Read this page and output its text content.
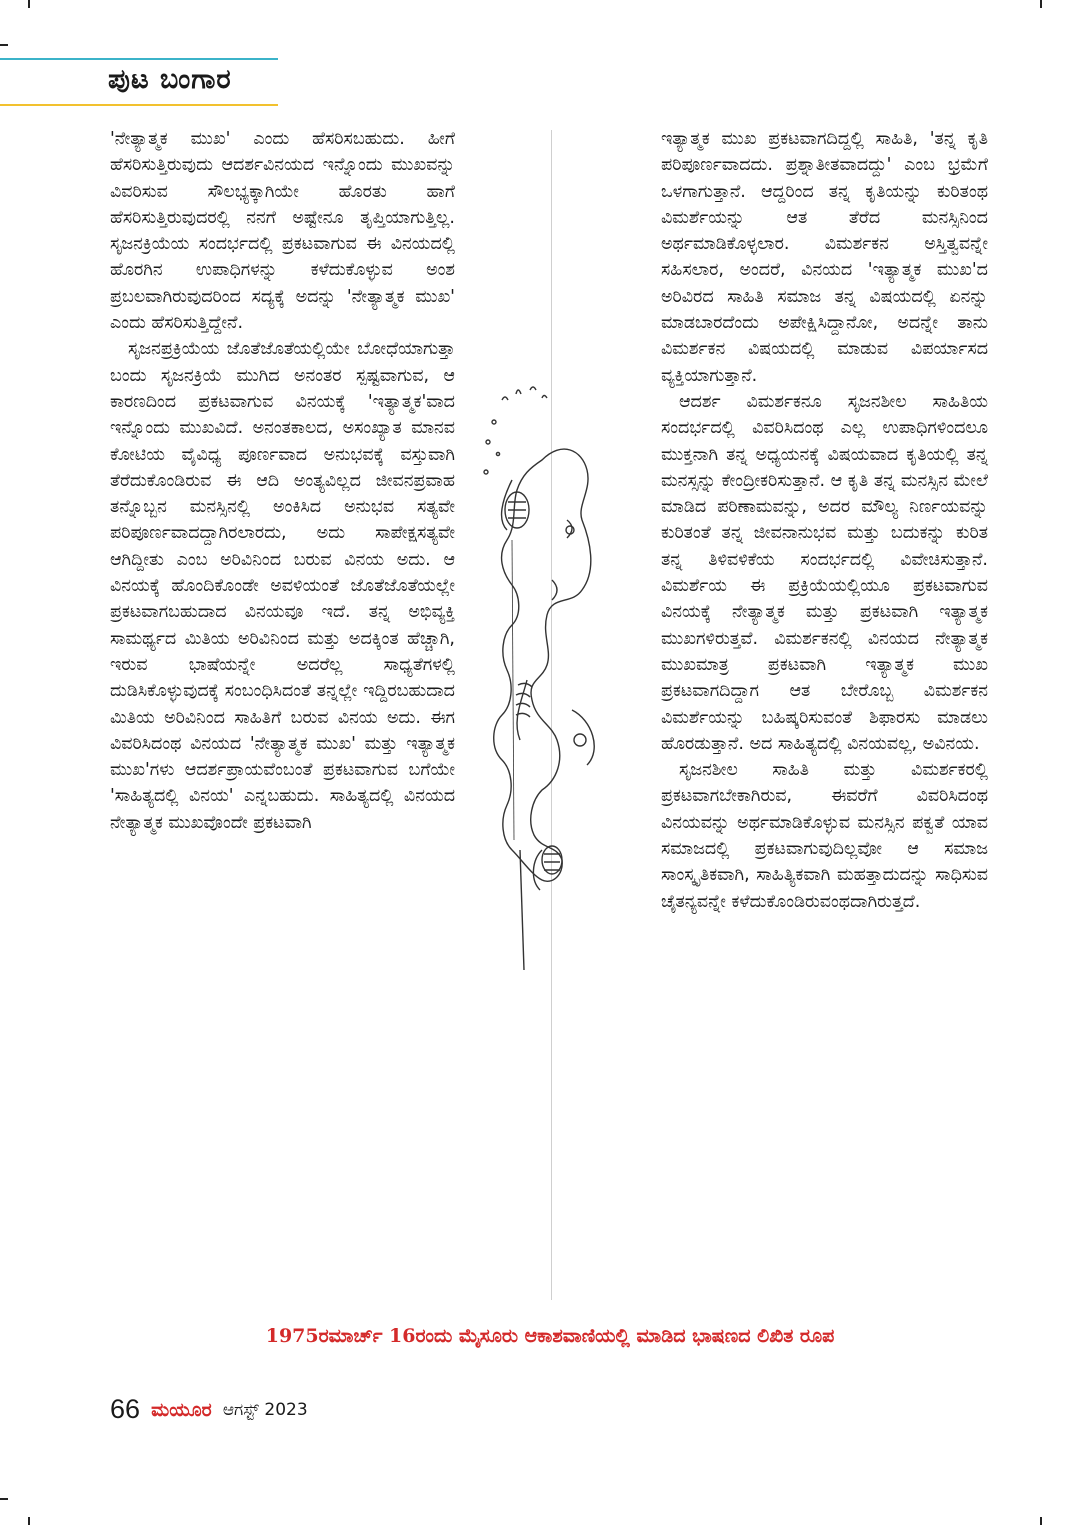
ಪುಟ ಬಂಗಾರ

'ನೇತ್ಯಾತ್ಮಕ ಮುಖ' ಎಂದು ಹೆಸರಿಸಬಹುದು. ಹೀಗೆ ಹೆಸರಿಸುತ್ತಿರುವುದು ಆದರ್ಶವಿನಯದ ಇನ್ನೊಂದು ಮುಖವನ್ನು ವಿವರಿಸುವ ಸೌಲಭ್ಯಕ್ಕಾಗಿಯೇ ಹೊರತು ಹಾಗೆ ಹೆಸರಿಸುತ್ತಿರುವುದರಲ್ಲಿ ನನಗೆ ಅಷ್ಟೇನೂ ತೃಪ್ತಿಯಾಗುತ್ತಿಲ್ಲ. ಸೃಜನಕ್ರಿಯೆಯ ಸಂದರ್ಭದಲ್ಲಿ ಪ್ರಕಟವಾಗುವ ಈ ವಿನಯದಲ್ಲಿ ಹೊರಗಿನ ಉಪಾಧಿಗಳನ್ನು ಕಳೆದುಕೊಳ್ಳುವ ಅಂಶ ಪ್ರಬಲವಾಗಿರುವುದರಿಂದ ಸದ್ಯಕ್ಕೆ ಅದನ್ನು 'ನೇತ್ಯಾತ್ಮಕ ಮುಖ' ಎಂದು ಹೆಸರಿಸುತ್ತಿದ್ದೇನೆ.

ಸೃಜನಪ್ರಕ್ರಿಯೆಯ ಜೊತೆಜೊತೆಯಲ್ಲಿಯೇ ಬೋಧೆಯಾಗುತ್ತಾ ಬಂದು ಸೃಜನಕ್ರಿಯೆ ಮುಗಿದ ಅನಂತರ ಸ್ಪಷ್ಟವಾಗುವ, ಆ ಕಾರಣದಿಂದ ಪ್ರಕಟವಾಗುವ ವಿನಯಕ್ಕೆ 'ಇತ್ಯಾತ್ಮಕ'ವಾದ ಇನ್ನೊಂದು ಮುಖವಿದೆ. ಅನಂತಕಾಲದ, ಅಸಂಖ್ಯಾತ ಮಾನವ ಕೋಟಿಯ ವೈವಿಧ್ಯ ಪೂರ್ಣವಾದ ಅನುಭವಕ್ಕೆ ವಸ್ತುವಾಗಿ ತೆರೆದುಕೊಂಡಿರುವ ಈ ಆದಿ ಅಂತ್ಯವಿಲ್ಲದ ಜೀವನಪ್ರವಾಹ ತನ್ನೊಬ್ಬನ ಮನಸ್ಸಿನಲ್ಲಿ ಅಂಕಿಸಿದ ಅನುಭವ ಸತ್ಯವೇ ಪರಿಪೂರ್ಣವಾದದ್ದಾಗಿರಲಾರದು, ಅದು ಸಾಪೇಕ್ಷಸತ್ಯವೇ ಆಗಿದ್ದೀತು ಎಂಬ ಅರಿವಿನಿಂದ ಬರುವ ವಿನಯ ಅದು. ಆ ವಿನಯಕ್ಕೆ ಹೊಂದಿಕೊಂಡೇ ಅವಳಿಯಂತೆ ಜೊತೆಜೊತೆಯಲ್ಲೇ ಪ್ರಕಟವಾಗಬಹುದಾದ ವಿನಯವೂ ಇದೆ. ತನ್ನ ಅಭಿವ್ಯಕ್ತಿ ಸಾಮರ್ಥ್ಯದ ಮಿತಿಯ ಅರಿವಿನಿಂದ ಮತ್ತು ಅದಕ್ಕಿಂತ ಹೆಚ್ಚಾಗಿ, ಇರುವ ಭಾಷೆಯನ್ನೇ ಅದರೆಲ್ಲ ಸಾಧ್ಯತೆಗಳಲ್ಲಿ ದುಡಿಸಿಕೊಳ್ಳುವುದಕ್ಕೆ ಸಂಬಂಧಿಸಿದಂತೆ ತನ್ನಲ್ಲೇ ಇದ್ದಿರಬಹುದಾದ ಮಿತಿಯ ಅರಿವಿನಿಂದ ಸಾಹಿತಿಗೆ ಬರುವ ವಿನಯ ಅದು. ಈಗ ವಿವರಿಸಿದಂಥ ವಿನಯದ 'ನೇತ್ಯಾತ್ಮಕ ಮುಖ' ಮತ್ತು ಇತ್ಯಾತ್ಮಕ ಮುಖ'ಗಳು ಆದರ್ಶಪ್ರಾಯವೆಂಬಂತೆ ಪ್ರಕಟವಾಗುವ ಬಗೆಯೇ 'ಸಾಹಿತ್ಯದಲ್ಲಿ ವಿನಯ' ಎನ್ನಬಹುದು. ಸಾಹಿತ್ಯದಲ್ಲಿ ವಿನಯದ ನೇತ್ಯಾತ್ಮಕ ಮುಖವೊಂದೇ ಪ್ರಕಟವಾಗಿ

ಇತ್ಯಾತ್ಮಕ ಮುಖ ಪ್ರಕಟವಾಗದಿದ್ದಲ್ಲಿ ಸಾಹಿತಿ, 'ತನ್ನ ಕೃತಿ ಪರಿಪೂರ್ಣವಾದದು. ಪ್ರಶ್ನಾತೀತವಾದದ್ದು' ಎಂಬ ಭ್ರಮೆಗೆ ಒಳಗಾಗುತ್ತಾನೆ. ಆದ್ದರಿಂದ ತನ್ನ ಕೃತಿಯನ್ನು ಕುರಿತಂಥ ವಿಮರ್ಶೆಯನ್ನು ಆತ ತೆರೆದ ಮನಸ್ಸಿನಿಂದ ಅರ್ಥಮಾಡಿಕೊಳ್ಳಲಾರ. ವಿಮರ್ಶಕನ ಅಸ್ತಿತ್ವವನ್ನೇ ಸಹಿಸಲಾರ, ಅಂದರೆ, ವಿನಯದ 'ಇತ್ಯಾತ್ಮಕ ಮುಖ'ದ ಅರಿವಿರದ ಸಾಹಿತಿ ಸಮಾಜ ತನ್ನ ವಿಷಯದಲ್ಲಿ ಏನನ್ನು ಮಾಡಬಾರದೆಂದು ಅಪೇಕ್ಷಿಸಿದ್ದಾನೋ, ಅದನ್ನೇ ತಾನು ವಿಮರ್ಶಕನ ವಿಷಯದಲ್ಲಿ ಮಾಡುವ ವಿಪರ್ಯಾಸದ ವ್ಯಕ್ತಿಯಾಗುತ್ತಾನೆ.

ಆದರ್ಶ ವಿಮರ್ಶಕನೂ ಸೃಜನಶೀಲ ಸಾಹಿತಿಯ ಸಂದರ್ಭದಲ್ಲಿ ವಿವರಿಸಿದಂಥ ಎಲ್ಲ ಉಪಾಧಿಗಳಿಂದಲೂ ಮುಕ್ತನಾಗಿ ತನ್ನ ಅಧ್ಯಯನಕ್ಕೆ ವಿಷಯವಾದ ಕೃತಿಯಲ್ಲಿ ತನ್ನ ಮನಸ್ಸನ್ನು ಕೇಂದ್ರೀಕರಿಸುತ್ತಾನೆ. ಆ ಕೃತಿ ತನ್ನ ಮನಸ್ಸಿನ ಮೇಲೆ ಮಾಡಿದ ಪರಿಣಾಮವನ್ನು, ಅದರ ಮೌಲ್ಯ ನಿರ್ಣಯವನ್ನು ಕುರಿತಂತೆ ತನ್ನ ಜೀವನಾನುಭವ ಮತ್ತು ಬದುಕನ್ನು ಕುರಿತ ತನ್ನ ತಿಳಿವಳಿಕೆಯ ಸಂದರ್ಭದಲ್ಲಿ ವಿವೇಚಿಸುತ್ತಾನೆ. ವಿಮರ್ಶೆಯ ಈ ಪ್ರಕ್ರಿಯೆಯಲ್ಲಿಯೂ ಪ್ರಕಟವಾಗುವ ವಿನಯಕ್ಕೆ ನೇತ್ಯಾತ್ಮಕ ಮತ್ತು ಪ್ರಕಟವಾಗಿ ಇತ್ಯಾತ್ಮಕ ಮುಖಗಳಿರುತ್ತವೆ. ವಿಮರ್ಶಕನಲ್ಲಿ ವಿನಯದ ನೇತ್ಯಾತ್ಮಕ ಮುಖಮಾತ್ರ ಪ್ರಕಟವಾಗಿ ಇತ್ಯಾತ್ಮಕ ಮುಖ ಪ್ರಕಟವಾಗದಿದ್ದಾಗ ಆತ ಬೇರೊಬ್ಬ ವಿಮರ್ಶಕನ ವಿಮರ್ಶೆಯನ್ನು ಬಹಿಷ್ಕರಿಸುವಂತೆ ಶಿಫಾರಸು ಮಾಡಲು ಹೊರಡುತ್ತಾನೆ. ಅದ ಸಾಹಿತ್ಯದಲ್ಲಿ ವಿನಯವಲ್ಲ, ಅವಿನಯ.

ಸೃಜನಶೀಲ ಸಾಹಿತಿ ಮತ್ತು ವಿಮರ್ಶಕರಲ್ಲಿ ಪ್ರಕಟವಾಗಬೇಕಾಗಿರುವ, ಈವರೆಗೆ ವಿವರಿಸಿದಂಥ ವಿನಯವನ್ನು ಅರ್ಥಮಾಡಿಕೊಳ್ಳುವ ಮನಸ್ಸಿನ ಪಕ್ವತೆ ಯಾವ ಸಮಾಜದಲ್ಲಿ ಪ್ರಕಟವಾಗುವುದಿಲ್ಲವೋ ಆ ಸಮಾಜ ಸಾಂಸ್ಕೃತಿಕವಾಗಿ, ಸಾಹಿತ್ಯಿಕವಾಗಿ ಮಹತ್ತಾದುದನ್ನು ಸಾಧಿಸುವ ಚೈತನ್ಯವನ್ನೇ ಕಳೆದುಕೊಂಡಿರುವಂಥದಾಗಿರುತ್ತದೆ.

1975ರಮಾರ್ಚ್ 16ರಂದು ಮೈಸೂರು ಆಕಾಶವಾಣಿಯಲ್ಲಿ ಮಾಡಿದ ಭಾಷಣದ ಲಿಖಿತ ರೂಪ
66 ಮಯೂರ ಆಗಸ್ಟ್ 2023
